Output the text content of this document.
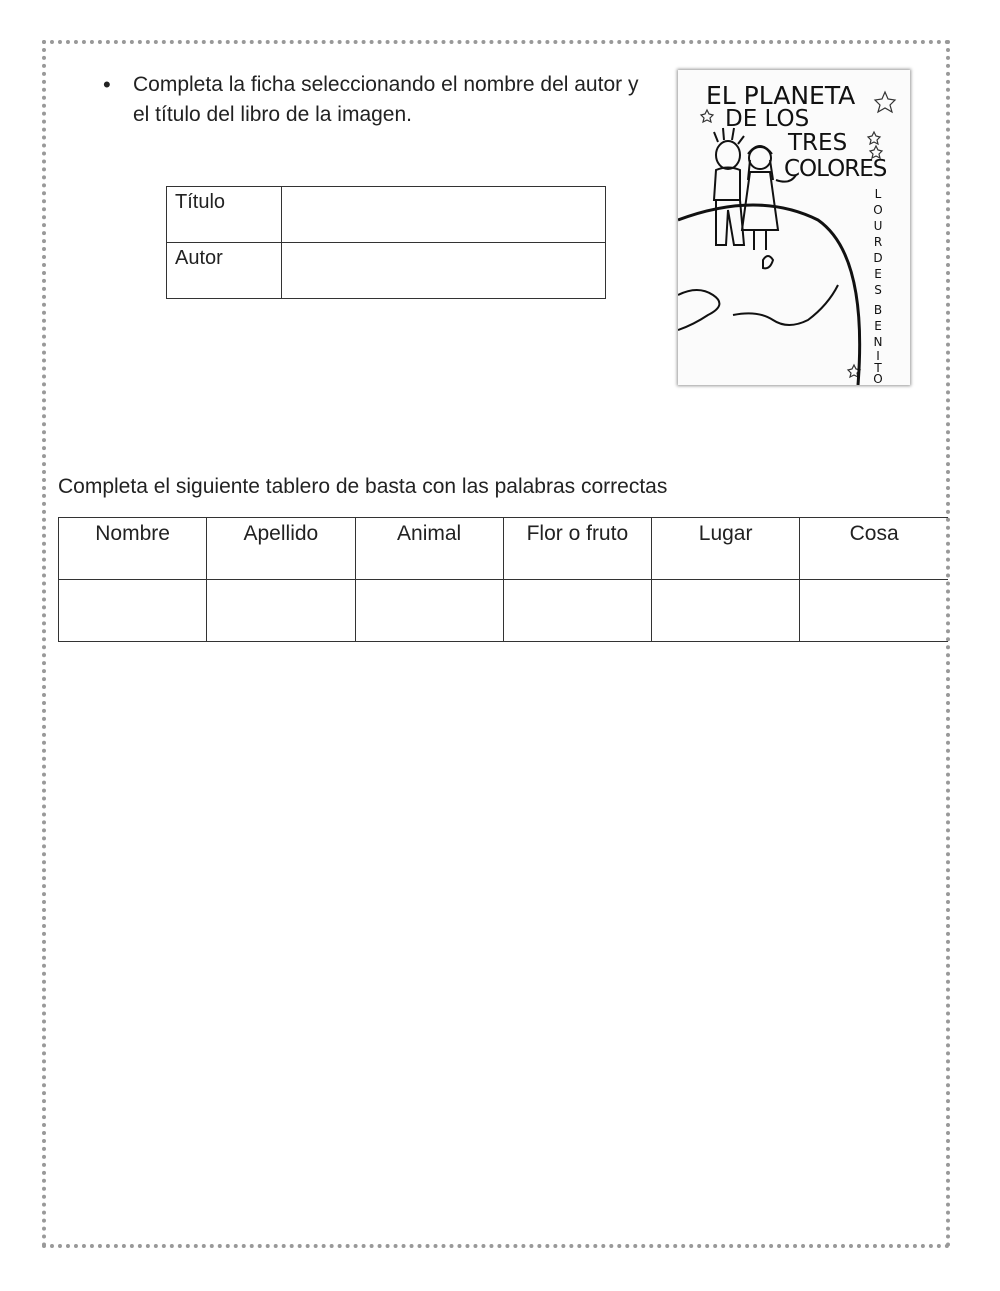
• Completa la ficha seleccionando el nombre del autor y el título del libro de la imagen.
Título	
Autor	
EL PLANETA
DE LOS
TRES
COLORES
L
O
U
R
D
E
S
B
E
N
I
T
O
Completa el siguiente tablero de basta con las palabras correctas
Nombre	Apellido	Animal	Flor o fruto	Lugar	Cosa
